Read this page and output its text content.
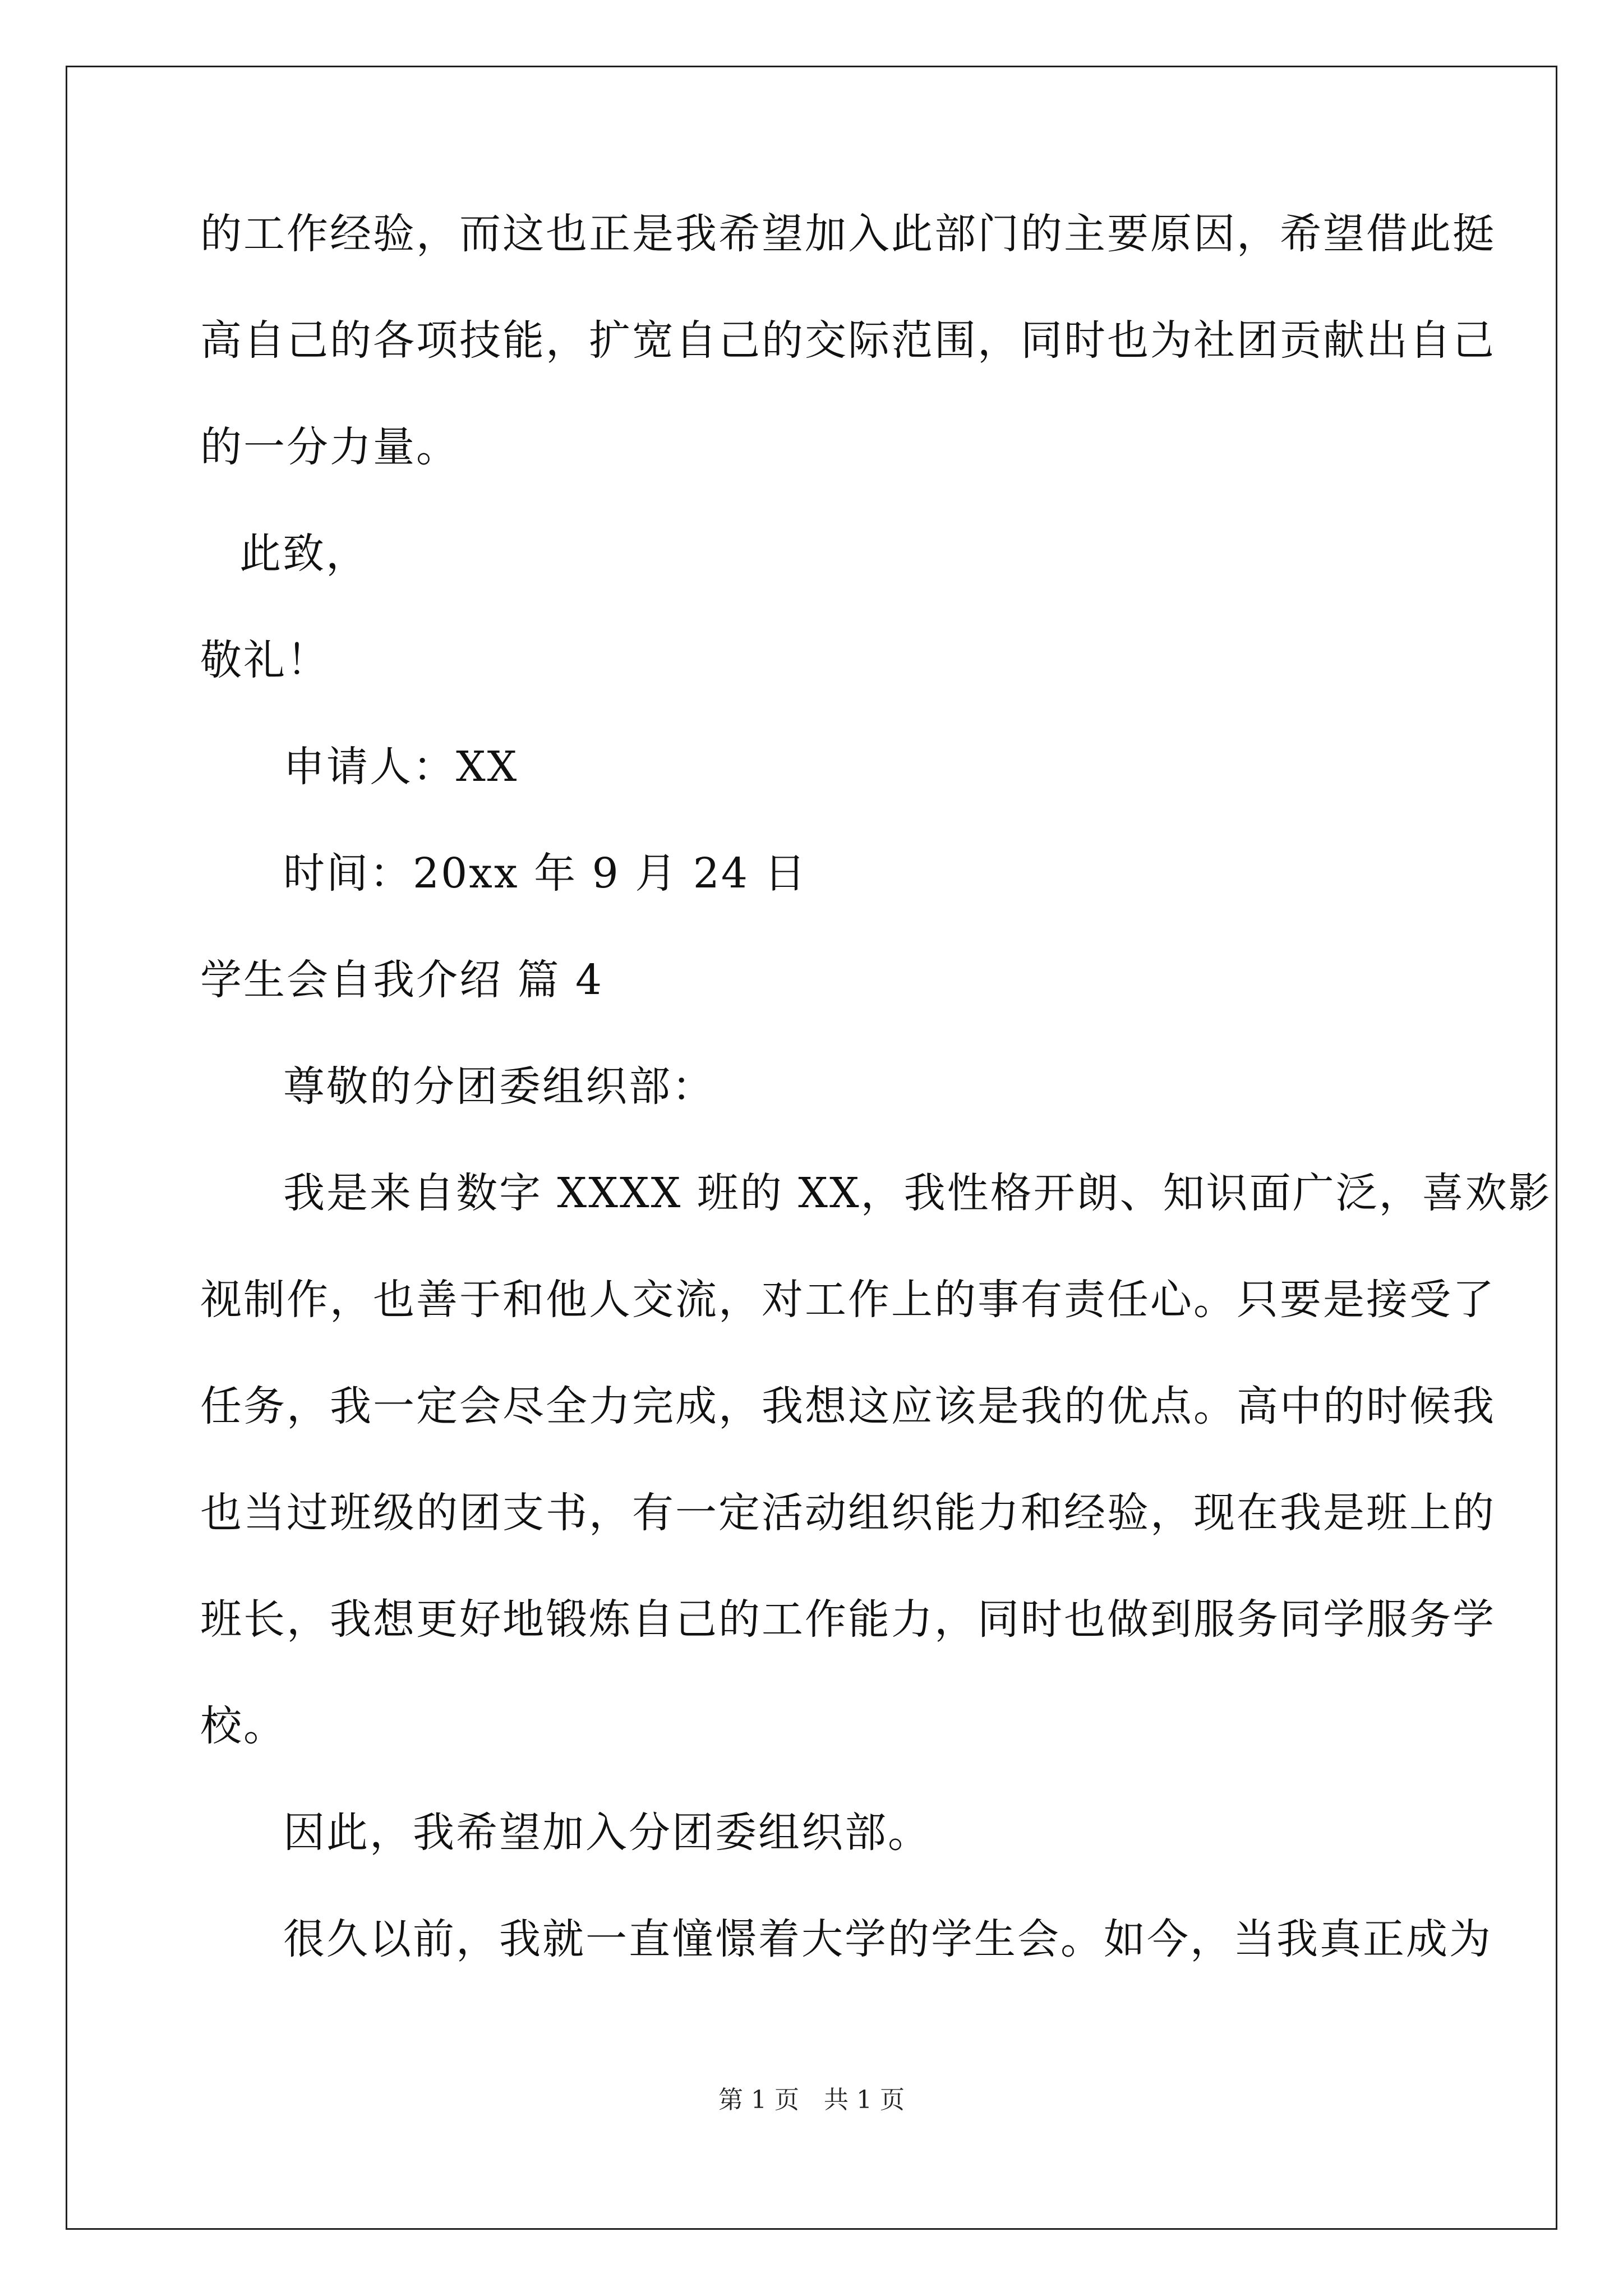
的工作经验，而这也正是我希望加入此部门的主要原因，希望借此挺
高自己的各项技能，扩宽自己的交际范围，同时也为社团贡献出自己
的一分力量。
此致，
敬礼！
申请人：XX
时间：20xx 年 9 月 24 日
学生会自我介绍 篇 4
尊敬的分团委组织部：
我是来自数字 XXXX 班的 XX，我性格开朗、知识面广泛，喜欢影
视制作，也善于和他人交流，对工作上的事有责任心。只要是接受了
任务，我一定会尽全力完成，我想这应该是我的优点。高中的时候我
也当过班级的团支书，有一定活动组织能力和经验，现在我是班上的
班长，我想更好地锻炼自己的工作能力，同时也做到服务同学服务学
校。
因此，我希望加入分团委组织部。
很久以前，我就一直憧憬着大学的学生会。如今，当我真正成为
第 1 页　共 1 页
